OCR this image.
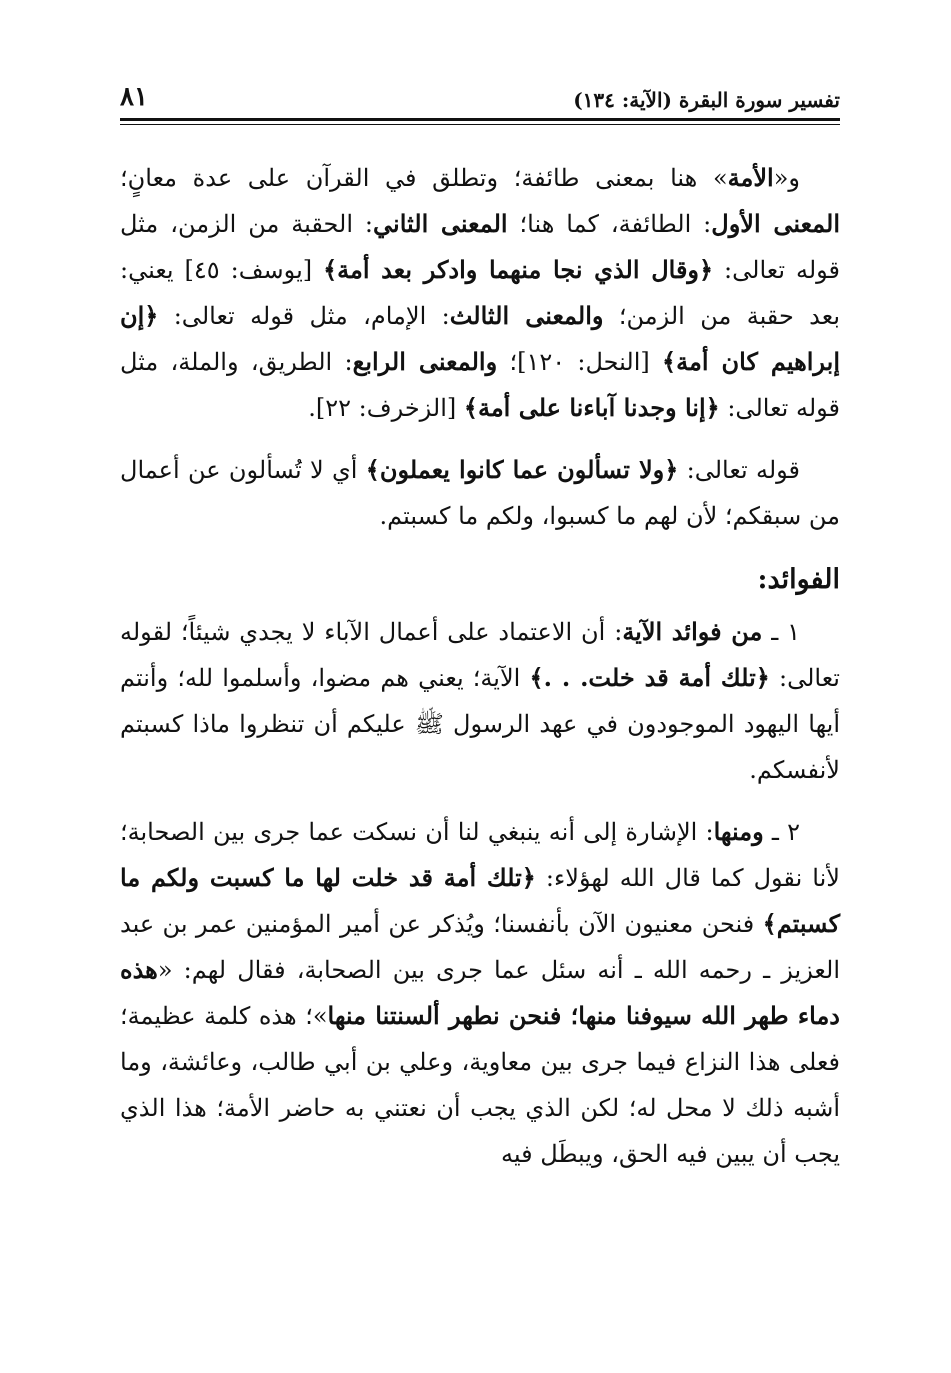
تفسير سورة البقرة (الآية: ١٣٤)
٨١

و«الأمة» هنا بمعنى طائفة؛ وتطلق في القرآن على عدة معانٍ؛ المعنى الأول: الطائفة، كما هنا؛ المعنى الثاني: الحقبة من الزمن، مثل قوله تعالى: ﴿وقال الذي نجا منهما وادكر بعد أمة﴾ [يوسف: ٤٥] يعني: بعد حقبة من الزمن؛ والمعنى الثالث: الإمام، مثل قوله تعالى: ﴿إن إبراهيم كان أمة﴾ [النحل: ١٢٠]؛ والمعنى الرابع: الطريق، والملة، مثل قوله تعالى: ﴿إنا وجدنا آباءنا على أمة﴾ [الزخرف: ٢٢].

قوله تعالى: ﴿ولا تسألون عما كانوا يعملون﴾ أي لا تُسألون عن أعمال من سبقكم؛ لأن لهم ما كسبوا، ولكم ما كسبتم.

الفوائد:

١ ـ من فوائد الآية: أن الاعتماد على أعمال الآباء لا يجدي شيئاً؛ لقوله تعالى: ﴿تلك أمة قد خلت. . .﴾ الآية؛ يعني هم مضوا، وأسلموا لله؛ وأنتم أيها اليهود الموجودون في عهد الرسول ﷺ عليكم أن تنظروا ماذا كسبتم لأنفسكم.

٢ ـ ومنها: الإشارة إلى أنه ينبغي لنا أن نسكت عما جرى بين الصحابة؛ لأنا نقول كما قال الله لهؤلاء: ﴿تلك أمة قد خلت لها ما كسبت ولكم ما كسبتم﴾ فنحن معنيون الآن بأنفسنا؛ ويُذكر عن أمير المؤمنين عمر بن عبد العزيز ـ رحمه الله ـ أنه سئل عما جرى بين الصحابة، فقال لهم: «هذه دماء طهر الله سيوفنا منها؛ فنحن نطهر ألسنتنا منها»؛ هذه كلمة عظيمة؛ فعلى هذا النزاع فيما جرى بين معاوية، وعلي بن أبي طالب، وعائشة، وما أشبه ذلك لا محل له؛ لكن الذي يجب أن نعتني به حاضر الأمة؛ هذا الذي يجب أن يبين فيه الحق، ويبطَل فيه
